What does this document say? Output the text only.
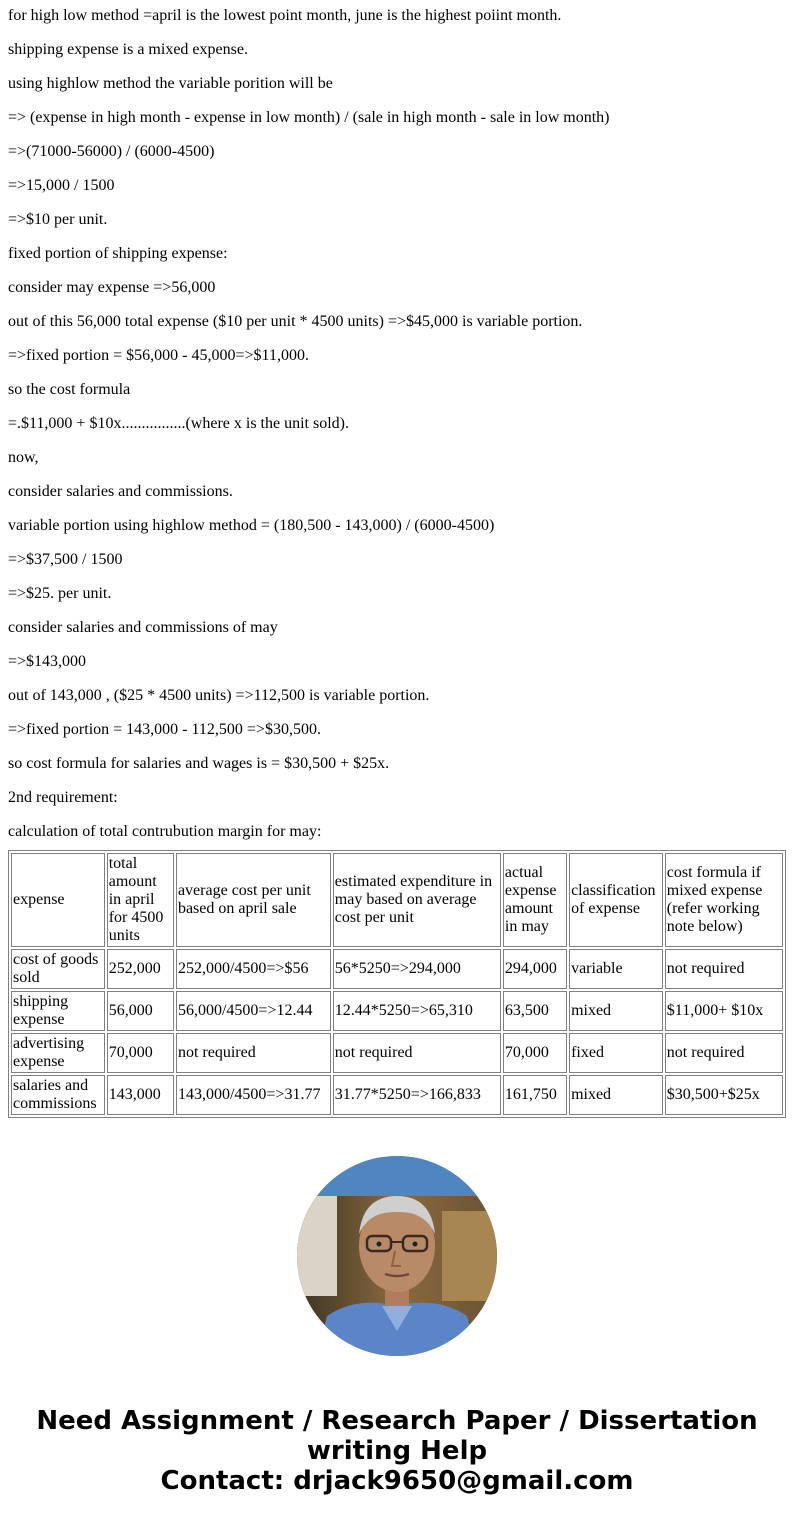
for high low method =april is the lowest point month, june is the highest poiint month.

shipping expense is a mixed expense.

using highlow method the variable porition will be

=> (expense in high month - expense in low month) / (sale in high month - sale in low month)

=>(71000-56000) / (6000-4500)

=>15,000 / 1500

=>$10 per unit.

fixed portion of shipping expense:

consider may expense =>56,000

out of this 56,000 total expense ($10 per unit * 4500 units) =>$45,000 is variable portion.

=>fixed portion = $56,000 - 45,000=>$11,000.

so the cost formula

=.$11,000 + $10x................(where x is the unit sold).

now,

consider salaries and commissions.

variable portion using highlow method = (180,500 - 143,000) / (6000-4500)

=>$37,500 / 1500

=>$25. per unit.

consider salaries and commissions of may

=>$143,000

out of 143,000 , ($25 * 4500 units) =>112,500 is variable portion.

=>fixed portion = 143,000 - 112,500 =>$30,500.

so cost formula for salaries and wages is = $30,500 + $25x.

2nd requirement:

calculation of total contrubution margin for may:

expense	total amount in april for 4500 units	average cost per unit based on april sale	estimated expenditure in may based on average cost per unit	actual expense amount in may	classification of expense	cost formula if mixed expense (refer working note below)
cost of goods sold	252,000	252,000/4500=>$56	56*5250=>294,000	294,000	variable	not required
shipping expense	56,000	56,000/4500=>12.44	12.44*5250=>65,310	63,500	mixed	$11,000+ $10x
advertising expense	70,000	not required	not required	70,000	fixed	not required
salaries and commissions	143,000	143,000/4500=>31.77	31.77*5250=>166,833	161,750	mixed	$30,500+$25x
Need Assignment / Research Paper / Dissertation writing Help
Contact: drjack9650@gmail.com
